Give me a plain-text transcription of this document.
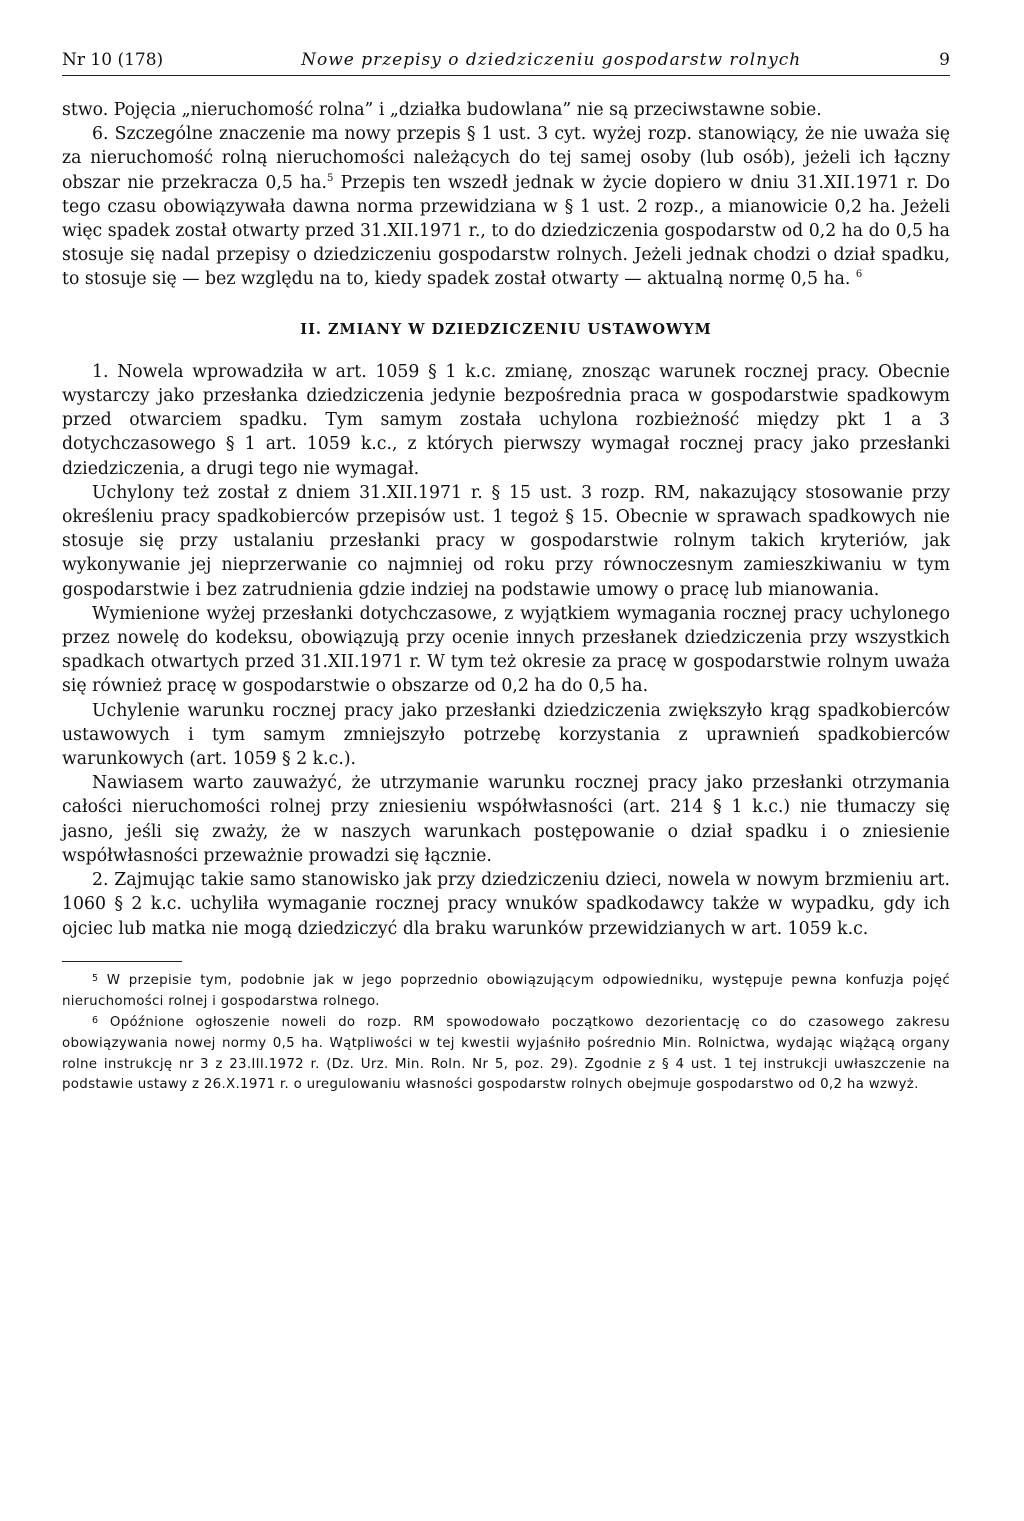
Nr 10 (178)	Nowe przepisy o dziedziczeniu gospodarstw rolnych	9

stwo. Pojęcia „nieruchomość rolna” i „działka budowlana” nie są przeciwstawne sobie.

6. Szczególne znaczenie ma nowy przepis § 1 ust. 3 cyt. wyżej rozp. stanowiący, że nie uważa się za nieruchomość rolną nieruchomości należących do tej samej osoby (lub osób), jeżeli ich łączny obszar nie przekracza 0,5 ha.$^5$ Przepis ten wszedł jednak w życie dopiero w dniu 31.XII.1971 r. Do tego czasu obowiązywała dawna norma przewidziana w § 1 ust. 2 rozp., a mianowicie 0,2 ha. Jeżeli więc spadek został otwarty przed 31.XII.1971 r., to do dziedziczenia gospodarstw od 0,2 ha do 0,5 ha stosuje się nadal przepisy o dziedziczeniu gospodarstw rolnych. Jeżeli jednak chodzi o dział spadku, to stosuje się — bez względu na to, kiedy spadek został otwarty — aktualną normę 0,5 ha. $^6$

II. ZMIANY W DZIEDZICZENIU USTAWOWYM

1. Nowela wprowadziła w art. 1059 § 1 k.c. zmianę, znosząc warunek rocznej pracy. Obecnie wystarczy jako przesłanka dziedziczenia jedynie bezpośrednia praca w gospodarstwie spadkowym przed otwarciem spadku. Tym samym została uchylona rozbieżność między pkt 1 a 3 dotychczasowego § 1 art. 1059 k.c., z których pierwszy wymagał rocznej pracy jako przesłanki dziedziczenia, a drugi tego nie wymagał.

Uchylony też został z dniem 31.XII.1971 r. § 15 ust. 3 rozp. RM, nakazujący stosowanie przy określeniu pracy spadkobierców przepisów ust. 1 tegoż § 15. Obecnie w sprawach spadkowych nie stosuje się przy ustalaniu przesłanki pracy w gospodarstwie rolnym takich kryteriów, jak wykonywanie jej nieprzerwanie co najmniej od roku przy równoczesnym zamieszkiwaniu w tym gospodarstwie i bez zatrudnienia gdzie indziej na podstawie umowy o pracę lub mianowania.

Wymienione wyżej przesłanki dotychczasowe, z wyjątkiem wymagania rocznej pracy uchylonego przez nowelę do kodeksu, obowiązują przy ocenie innych przesłanek dziedziczenia przy wszystkich spadkach otwartych przed 31.XII.1971 r. W tym też okresie za pracę w gospodarstwie rolnym uważa się również pracę w gospodarstwie o obszarze od 0,2 ha do 0,5 ha.

Uchylenie warunku rocznej pracy jako przesłanki dziedziczenia zwiększyło krąg spadkobierców ustawowych i tym samym zmniejszyło potrzebę korzystania z uprawnień spadkobierców warunkowych (art. 1059 § 2 k.c.).

Nawiasem warto zauważyć, że utrzymanie warunku rocznej pracy jako przesłanki otrzymania całości nieruchomości rolnej przy zniesieniu współwłasności (art. 214 § 1 k.c.) nie tłumaczy się jasno, jeśli się zważy, że w naszych warunkach postępowanie o dział spadku i o zniesienie współwłasności przeważnie prowadzi się łącznie.

2. Zajmując takie samo stanowisko jak przy dziedziczeniu dzieci, nowela w nowym brzmieniu art. 1060 § 2 k.c. uchyliła wymaganie rocznej pracy wnuków spadkodawcy także w wypadku, gdy ich ojciec lub matka nie mogą dziedziczyć dla braku warunków przewidzianych w art. 1059 k.c.

$^5$ W przepisie tym, podobnie jak w jego poprzednio obowiązującym odpowiedniku, występuje pewna konfuzja pojęć nieruchomości rolnej i gospodarstwa rolnego.

$^6$ Opóźnione ogłoszenie noweli do rozp. RM spowodowało początkowo dezorientację co do czasowego zakresu obowiązywania nowej normy 0,5 ha. Wątpliwości w tej kwestii wyjaśniło pośrednio Min. Rolnictwa, wydając wiążącą organy rolne instrukcję nr 3 z 23.III.1972 r. (Dz. Urz. Min. Roln. Nr 5, poz. 29). Zgodnie z § 4 ust. 1 tej instrukcji uwłaszczenie na podstawie ustawy z 26.X.1971 r. o uregulowaniu własności gospodarstw rolnych obejmuje gospodarstwo od 0,2 ha wzwyż.
